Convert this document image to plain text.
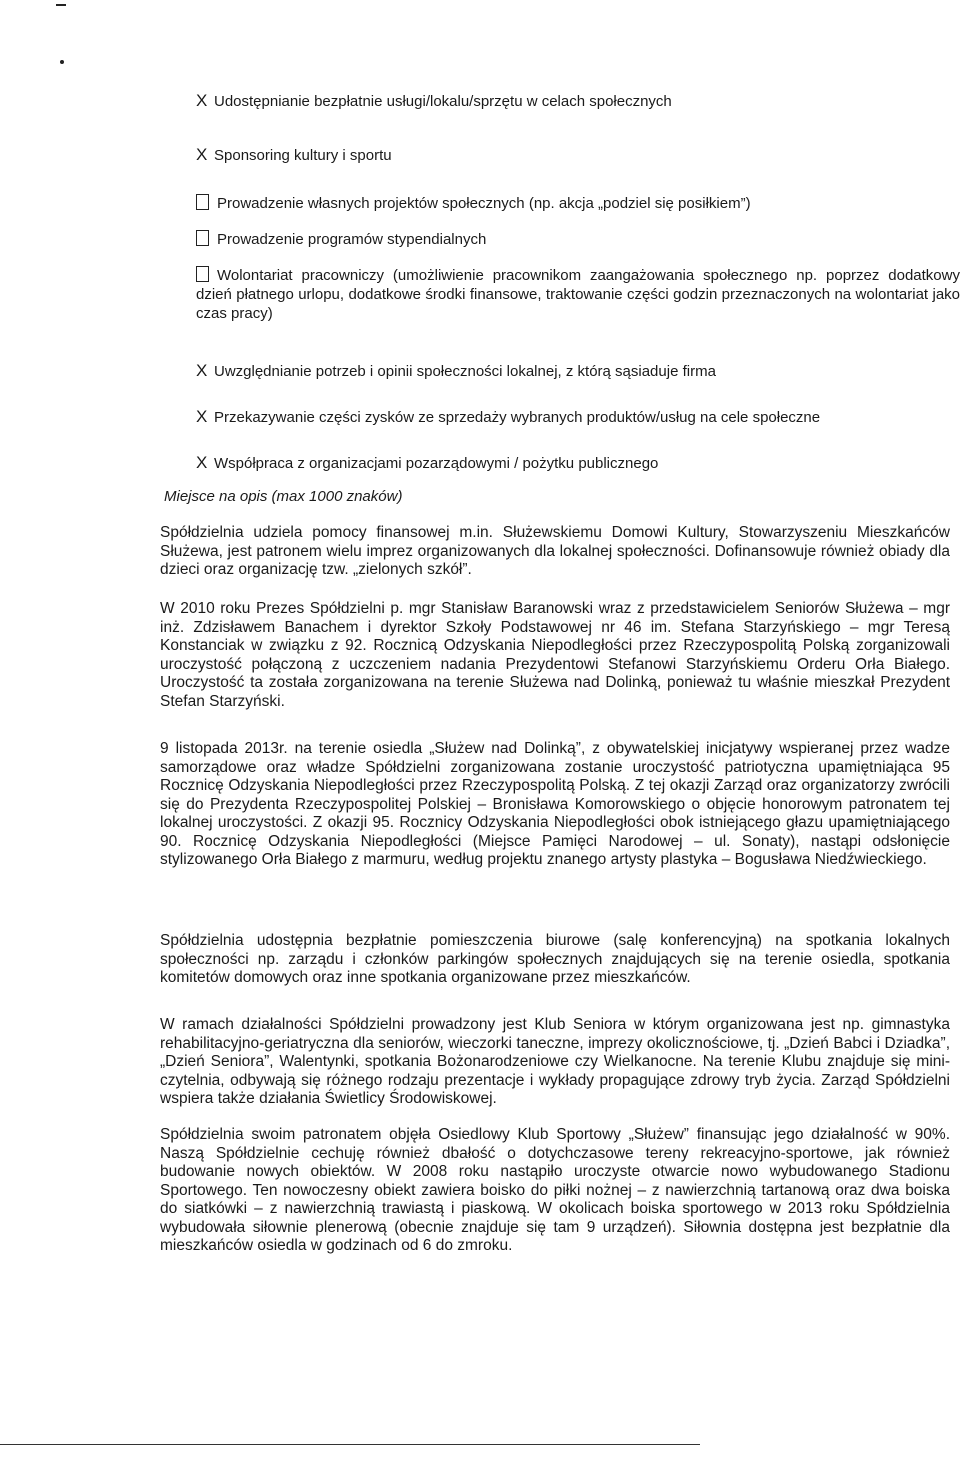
X Udostępnianie bezpłatnie usługi/lokalu/sprzętu w celach społecznych
X Sponsoring kultury i sportu
Prowadzenie własnych projektów społecznych (np. akcja „podziel się posiłkiem”)
Prowadzenie programów stypendialnych
Wolontariat pracowniczy (umożliwienie pracownikom zaangażowania społecznego np. poprzez dodatkowy dzień płatnego urlopu, dodatkowe środki finansowe, traktowanie części godzin przeznaczonych na wolontariat jako czas pracy)
X Uwzględnianie potrzeb i opinii społeczności lokalnej, z którą sąsiaduje firma
X Przekazywanie części zysków ze sprzedaży wybranych produktów/usług na cele społeczne
X Współpraca z organizacjami pozarządowymi / pożytku publicznego
Miejsce na opis (max 1000 znaków)
Spółdzielnia udziela pomocy finansowej m.in. Służewskiemu Domowi Kultury, Stowarzyszeniu Mieszkańców Służewa, jest patronem wielu imprez organizowanych dla lokalnej społeczności. Dofinansowuje również obiady dla dzieci oraz organizację tzw. „zielonych szkół”.
W 2010 roku Prezes Spółdzielni p. mgr Stanisław Baranowski wraz z przedstawicielem Seniorów Służewa – mgr inż. Zdzisławem Banachem i dyrektor Szkoły Podstawowej nr 46 im. Stefana Starzyńskiego – mgr Teresą Konstanciak w związku z 92. Rocznicą Odzyskania Niepodległości przez Rzeczypospolitą Polską zorganizowali uroczystość połączoną z uczczeniem nadania Prezydentowi Stefanowi Starzyńskiemu Orderu Orła Białego. Uroczystość ta została zorganizowana na terenie Służewa nad Dolinką, ponieważ tu właśnie mieszkał Prezydent Stefan Starzyński.
9 listopada 2013r. na terenie osiedla „Służew nad Dolinką”, z obywatelskiej inicjatywy wspieranej przez wadze samorządowe oraz władze Spółdzielni zorganizowana zostanie uroczystość patriotyczna upamiętniająca 95 Rocznicę Odzyskania Niepodległości przez Rzeczypospolitą Polską. Z tej okazji Zarząd oraz organizatorzy zwrócili się do Prezydenta Rzeczypospolitej Polskiej – Bronisława Komorowskiego o objęcie honorowym patronatem tej lokalnej uroczystości. Z okazji 95. Rocznicy Odzyskania Niepodległości obok istniejącego głazu upamiętniającego 90. Rocznicę Odzyskania Niepodległości (Miejsce Pamięci Narodowej – ul. Sonaty), nastąpi odsłonięcie stylizowanego Orła Białego z marmuru, według projektu znanego artysty plastyka – Bogusława Niedźwieckiego.
Spółdzielnia udostępnia bezpłatnie pomieszczenia biurowe (salę konferencyjną) na spotkania lokalnych społeczności np. zarządu i członków parkingów społecznych znajdujących się na terenie osiedla, spotkania komitetów domowych oraz inne spotkania organizowane przez mieszkańców.
W ramach działalności Spółdzielni prowadzony jest Klub Seniora w którym organizowana jest np. gimnastyka rehabilitacyjno-geriatryczna dla seniorów, wieczorki taneczne, imprezy okolicznościowe, tj. „Dzień Babci i Dziadka”, „Dzień Seniora”, Walentynki, spotkania Bożonarodzeniowe czy Wielkanocne. Na terenie Klubu znajduje się mini-czytelnia, odbywają się różnego rodzaju prezentacje i wykłady propagujące zdrowy tryb życia. Zarząd Spółdzielni wspiera także działania Świetlicy Środowiskowej.
Spółdzielnia swoim patronatem objęła Osiedlowy Klub Sportowy „Służew” finansując jego działalność w 90%. Naszą Spółdzielnie cechuję również dbałość o dotychczasowe tereny rekreacyjno-sportowe, jak również budowanie nowych obiektów. W 2008 roku nastąpiło uroczyste otwarcie nowo wybudowanego Stadionu Sportowego. Ten nowoczesny obiekt zawiera boisko do piłki nożnej – z nawierzchnią tartanową oraz dwa boiska do siatkówki – z nawierzchnią trawiastą i piaskową. W okolicach boiska sportowego w 2013 roku Spółdzielnia wybudowała siłownie plenerową (obecnie znajduje się tam 9 urządzeń). Siłownia dostępna jest bezpłatnie dla mieszkańców osiedla w godzinach od 6 do zmroku.
